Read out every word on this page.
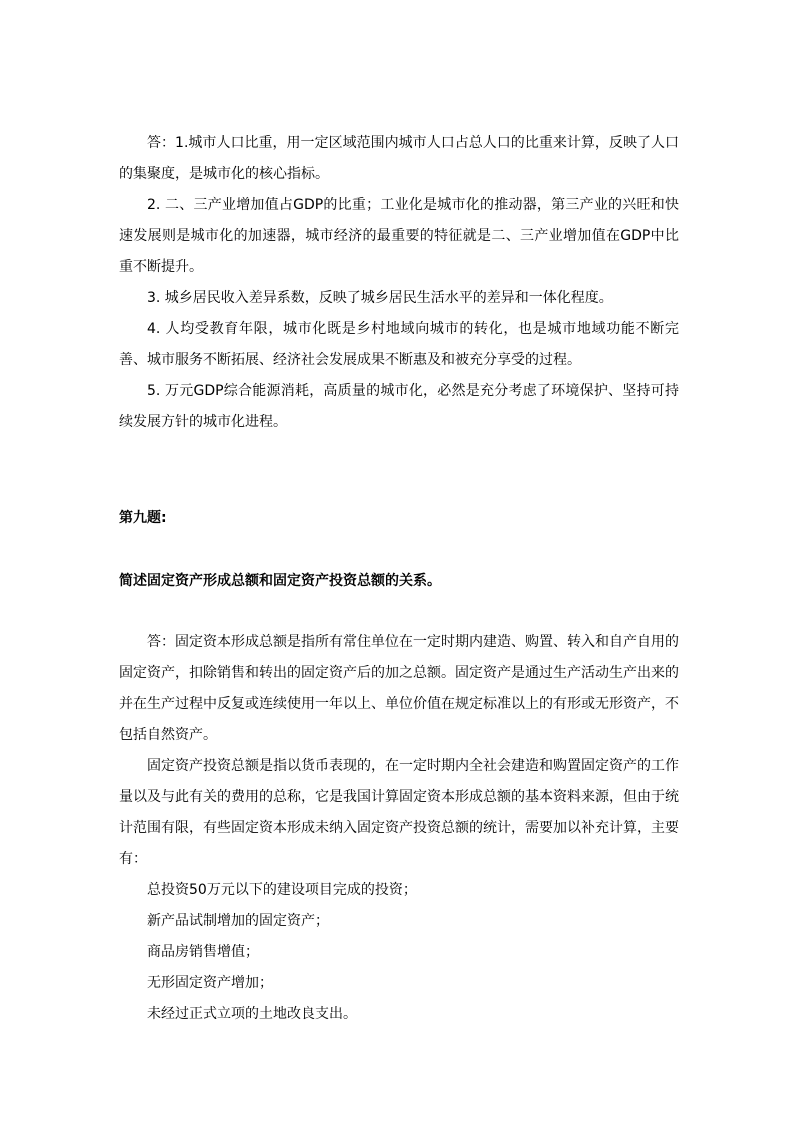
答：1.城市人口比重，用一定区域范围内城市人口占总人口的比重来计算，反映了人口的集聚度，是城市化的核心指标。

2. 二、三产业增加值占GDP的比重；工业化是城市化的推动器，第三产业的兴旺和快速发展则是城市化的加速器，城市经济的最重要的特征就是二、三产业增加值在GDP中比重不断提升。

3. 城乡居民收入差异系数，反映了城乡居民生活水平的差异和一体化程度。

4. 人均受教育年限，城市化既是乡村地域向城市的转化，也是城市地域功能不断完善、城市服务不断拓展、经济社会发展成果不断惠及和被充分享受的过程。

5. 万元GDP综合能源消耗，高质量的城市化，必然是充分考虑了环境保护、坚持可持续发展方针的城市化进程。

第九题:

简述固定资产形成总额和固定资产投资总额的关系。

答：固定资本形成总额是指所有常住单位在一定时期内建造、购置、转入和自产自用的固定资产，扣除销售和转出的固定资产后的加之总额。固定资产是通过生产活动生产出来的并在生产过程中反复或连续使用一年以上、单位价值在规定标准以上的有形或无形资产，不包括自然资产。

固定资产投资总额是指以货币表现的，在一定时期内全社会建造和购置固定资产的工作量以及与此有关的费用的总称，它是我国计算固定资本形成总额的基本资料来源，但由于统计范围有限，有些固定资本形成未纳入固定资产投资总额的统计，需要加以补充计算，主要有：

总投资50万元以下的建设项目完成的投资；

新产品试制增加的固定资产；

商品房销售增值；

无形固定资产增加；

未经过正式立项的土地改良支出。
